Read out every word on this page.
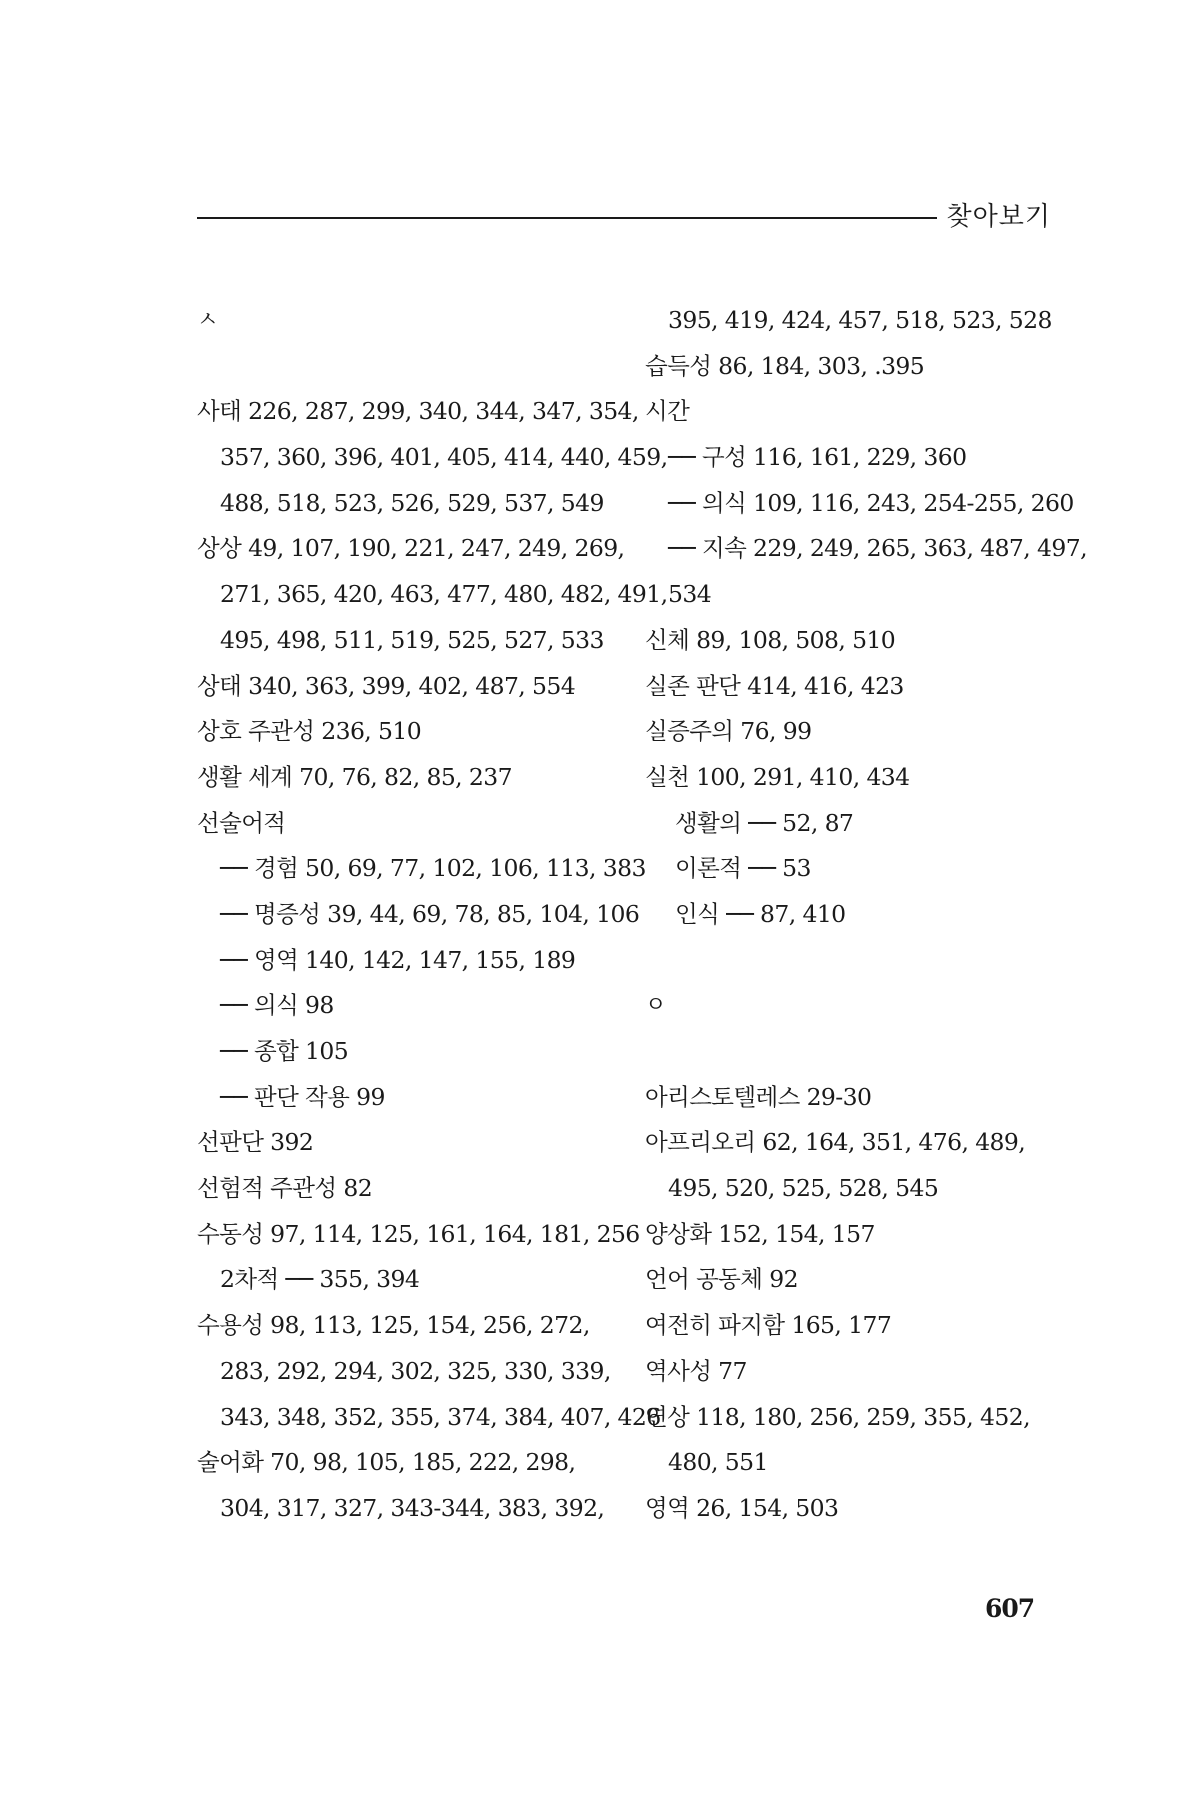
찾아보기
ㅅ
사태 226, 287, 299, 340, 344, 347, 354,
357, 360, 396, 401, 405, 414, 440, 459,
488, 518, 523, 526, 529, 537, 549
상상 49, 107, 190, 221, 247, 249, 269,
271, 365, 420, 463, 477, 480, 482, 491,
495, 498, 511, 519, 525, 527, 533
상태 340, 363, 399, 402, 487, 554
상호 주관성 236, 510
생활 세계 70, 76, 82, 85, 237
선술어적
── 경험 50, 69, 77, 102, 106, 113, 383
── 명증성 39, 44, 69, 78, 85, 104, 106
── 영역 140, 142, 147, 155, 189
── 의식 98
── 종합 105
── 판단 작용 99
선판단 392
선험적 주관성 82
수동성 97, 114, 125, 161, 164, 181, 256
2차적 ── 355, 394
수용성 98, 113, 125, 154, 256, 272,
283, 292, 294, 302, 325, 330, 339,
343, 348, 352, 355, 374, 384, 407, 426
술어화 70, 98, 105, 185, 222, 298,
304, 317, 327, 343-344, 383, 392,
395, 419, 424, 457, 518, 523, 528
습득성 86, 184, 303, .395
시간
── 구성 116, 161, 229, 360
── 의식 109, 116, 243, 254-255, 260
── 지속 229, 249, 265, 363, 487, 497,
534
신체 89, 108, 508, 510
실존 판단 414, 416, 423
실증주의 76, 99
실천 100, 291, 410, 434
생활의 ── 52, 87
이론적 ── 53
인식 ── 87, 410
ㅇ
아리스토텔레스 29-30
아프리오리 62, 164, 351, 476, 489,
495, 520, 525, 528, 545
양상화 152, 154, 157
언어 공동체 92
여전히 파지함 165, 177
역사성 77
연상 118, 180, 256, 259, 355, 452,
480, 551
영역 26, 154, 503
607
